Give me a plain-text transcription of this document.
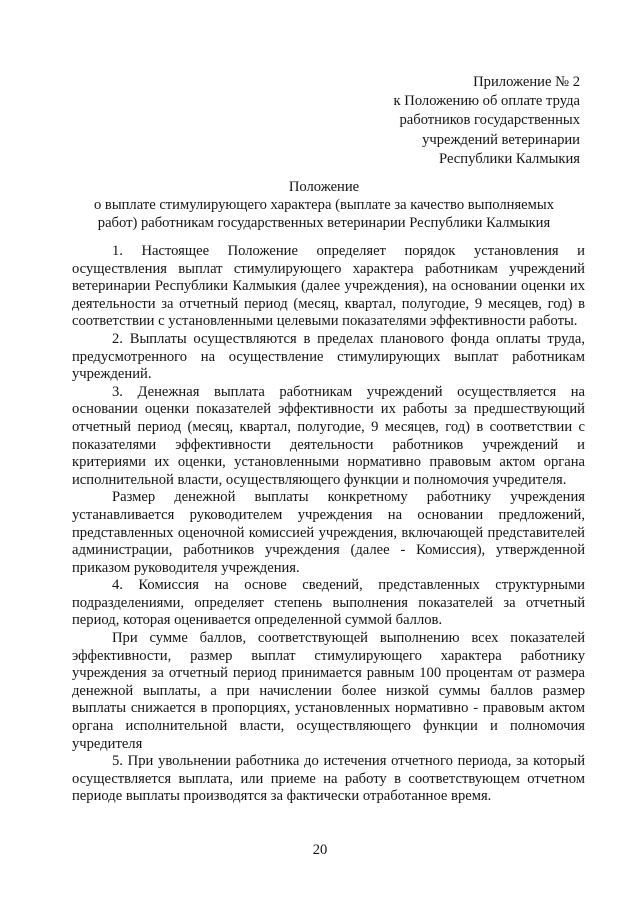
Приложение № 2
к Положению об оплате труда
работников государственных
учреждений ветеринарии
Республики Калмыкия
Положение
о выплате стимулирующего характера (выплате за качество выполняемых
работ) работникам государственных ветеринарии Республики Калмыкия

1. Настоящее Положение определяет порядок установления и осуществления выплат стимулирующего характера работникам учреждений ветеринарии Республики Калмыкия (далее учреждения), на основании оценки их деятельности за отчетный период (месяц, квартал, полугодие, 9 месяцев, год) в соответствии с установленными целевыми показателями эффективности работы.

2. Выплаты осуществляются в пределах планового фонда оплаты труда, предусмотренного на осуществление стимулирующих выплат работникам учреждений.

3. Денежная выплата работникам учреждений осуществляется на основании оценки показателей эффективности их работы за предшествующий отчетный период (месяц, квартал, полугодие, 9 месяцев, год) в соответствии с показателями эффективности деятельности работников учреждений и критериями их оценки, установленными нормативно правовым актом органа исполнительной власти, осуществляющего функции и полномочия учредителя.

Размер денежной выплаты конкретному работнику учреждения устанавливается руководителем учреждения на основании предложений, представленных оценочной комиссией учреждения, включающей представителей администрации, работников учреждения (далее - Комиссия), утвержденной приказом руководителя учреждения.

4. Комиссия на основе сведений, представленных структурными подразделениями, определяет степень выполнения показателей за отчетный период, которая оценивается определенной суммой баллов.

При сумме баллов, соответствующей выполнению всех показателей эффективности, размер выплат стимулирующего характера работнику учреждения за отчетный период принимается равным 100 процентам от размера денежной выплаты, а при начислении более низкой суммы баллов размер выплаты снижается в пропорциях, установленных нормативно - правовым актом органа исполнительной власти, осуществляющего функции и полномочия учредителя

5. При увольнении работника до истечения отчетного периода, за который осуществляется выплата, или приеме на работу в соответствующем отчетном периоде выплаты производятся за фактически отработанное время.

20
